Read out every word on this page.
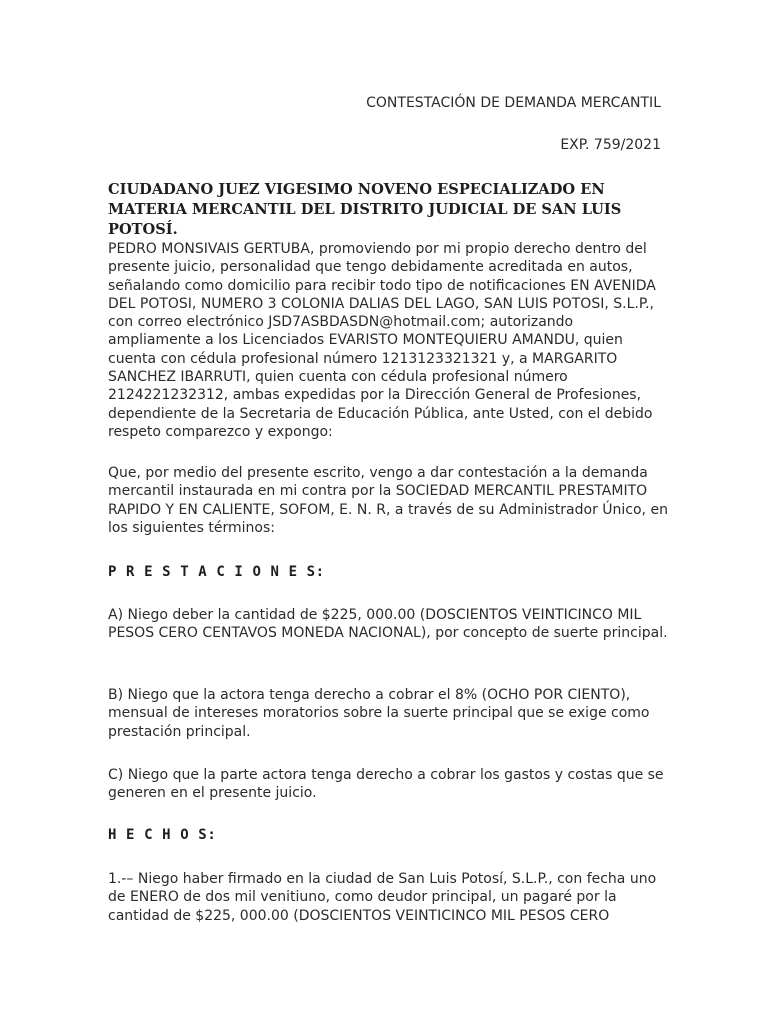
CONTESTACIÓN DE DEMANDA MERCANTIL

EXP. 759/2021

CIUDADANO JUEZ VIGESIMO NOVENO ESPECIALIZADO EN MATERIA MERCANTIL DEL DISTRITO JUDICIAL DE SAN LUIS POTOSÍ.

PEDRO MONSIVAIS GERTUBA, promoviendo por mi propio derecho dentro del presente juicio, personalidad que tengo debidamente acreditada en autos, señalando como domicilio para recibir todo tipo de notificaciones EN AVENIDA DEL POTOSI, NUMERO 3 COLONIA DALIAS DEL LAGO, SAN LUIS POTOSI, S.L.P., con correo electrónico JSD7ASBDASDN@hotmail.com; autorizando ampliamente a los Licenciados EVARISTO MONTEQUIERU AMANDU, quien cuenta con cédula profesional número 1213123321321 y, a MARGARITO SANCHEZ IBARRUTI, quien cuenta con cédula profesional número 2124221232312, ambas expedidas por la Dirección General de Profesiones, dependiente de la Secretaria de Educación Pública, ante Usted, con el debido respeto comparezco y expongo:

Que, por medio del presente escrito, vengo a dar contestación a la demanda mercantil instaurada en mi contra por la SOCIEDAD MERCANTIL PRESTAMITO RAPIDO Y EN CALIENTE, SOFOM, E. N. R, a través de su Administrador Único, en los siguientes términos:

P R E S T A C I O N E S:

A) Niego deber la cantidad de $225, 000.00 (DOSCIENTOS VEINTICINCO MIL PESOS CERO CENTAVOS MONEDA NACIONAL), por concepto de suerte principal.

B) Niego que la actora tenga derecho a cobrar el 8% (OCHO POR CIENTO), mensual de intereses moratorios sobre la suerte principal que se exige como prestación principal.

C) Niego que la parte actora tenga derecho a cobrar los gastos y costas que se generen en el presente juicio.

H E C H O S:

1.-– Niego haber firmado en la ciudad de San Luis Potosí, S.L.P., con fecha uno de ENERO de dos mil venitiuno, como deudor principal, un pagaré por la cantidad de $225, 000.00 (DOSCIENTOS VEINTICINCO MIL PESOS CERO
